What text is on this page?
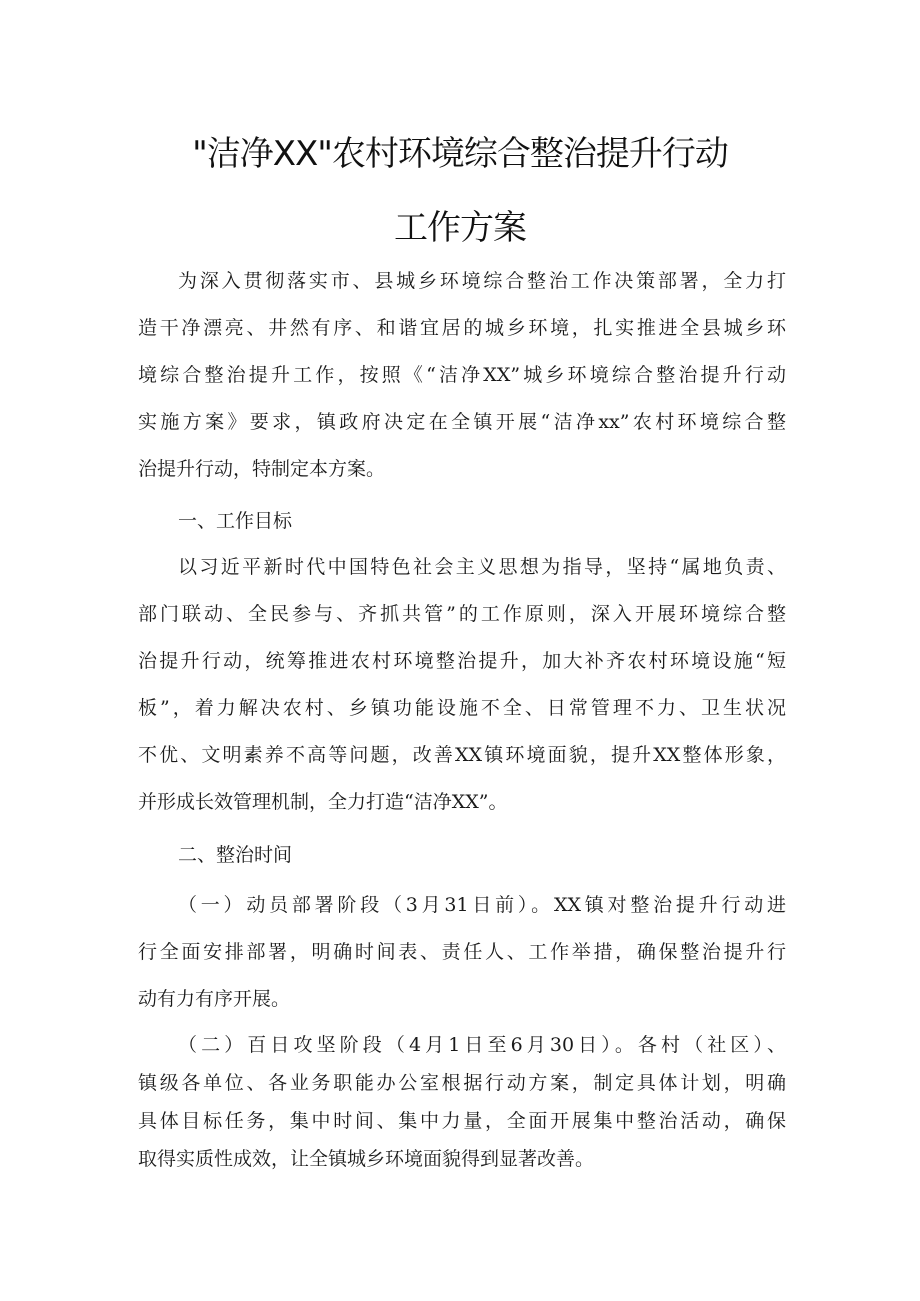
"洁净XX"农村环境综合整治提升行动
工作方案
为深入贯彻落实市、县城乡环境综合整治工作决策部署，全力打
造干净漂亮、井然有序、和谐宜居的城乡环境，扎实推进全县城乡环
境综合整治提升工作，按照《“洁净XX”城乡环境综合整治提升行动
实施方案》要求，镇政府决定在全镇开展“洁净xx”农村环境综合整
治提升行动，特制定本方案。
一、工作目标
以习近平新时代中国特色社会主义思想为指导，坚持“属地负责、
部门联动、全民参与、齐抓共管”的工作原则，深入开展环境综合整
治提升行动，统筹推进农村环境整治提升，加大补齐农村环境设施“短
板”，着力解决农村、乡镇功能设施不全、日常管理不力、卫生状况
不优、文明素养不高等问题，改善XX镇环境面貌，提升XX整体形象，
并形成长效管理机制，全力打造“洁净XX”。
二、整治时间
（一）动员部署阶段（3月31日前）。XX镇对整治提升行动进
行全面安排部署，明确时间表、责任人、工作举措，确保整治提升行
动有力有序开展。
（二）百日攻坚阶段（4月1日至6月30日）。各村（社区）、
镇级各单位、各业务职能办公室根据行动方案，制定具体计划，明确
具体目标任务，集中时间、集中力量，全面开展集中整治活动，确保
取得实质性成效，让全镇城乡环境面貌得到显著改善。
